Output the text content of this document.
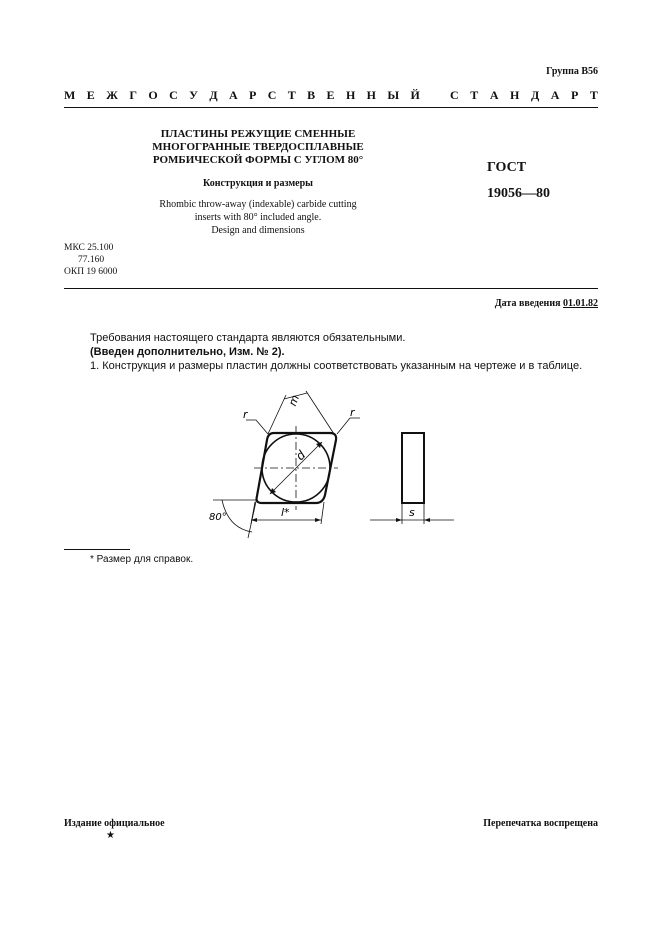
Группа В56
М Е Ж Г О С У Д А Р С Т В Е Н Н Ы Й	С Т А Н Д А Р Т
ПЛАСТИНЫ РЕЖУЩИЕ СМЕННЫЕ
МНОГОГРАННЫЕ ТВЕРДОСПЛАВНЫЕ
РОМБИЧЕСКОЙ ФОРМЫ С УГЛОМ 80°
Конструкция и размеры
Rhombic throw-away (indexable) carbide cutting
inserts with 80° included angle.
Design and dimensions
ГОСТ
19056—80
МКС 25.100
77.160
ОКП 19 6000
Дата введения 01.01.82
Требования настоящего стандарта являются обязательными.
(Введен дополнительно, Изм. № 2).
1. Конструкция и размеры пластин должны соответствовать указанным на чертеже и в таблице.
r	r
m
d
l*
80°	s
* Размер для справок.
Издание официальное	Перепечатка воспрещена
★
